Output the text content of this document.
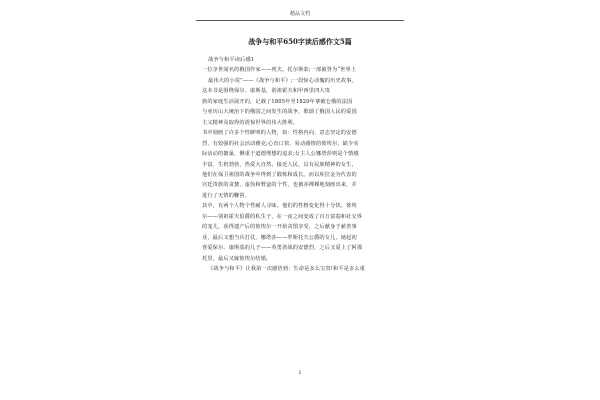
精品文档
战争与和平650字读后感作文5篇
战争与和平读后感1
一位享世闻名的俄国作家——列夫。托尔斯泰;一部被誉为“世界上
最伟大的小说”——《战争与和平》;一段惊心动魄的历史故事。
这本书是围绕保尔、康斯基，别祖霍夫和甲西里四大贵
族的家庭生活展开的，记载了1805年至1820年拿破仑俄的法国
与亚历山大统治下的俄国之间发生的战争，歌颂了俄国人民的爱国
主义精神及取得的震惊世界的伟大胜利。
书中刻画了许多个性鲜明的人物，如：性格内向、意志坚定的安德
烈，有较强的社会活动雅克;心直口快、易动感情的彼埃尔，缺少实
际活动的搪巢，侧重于道德理想的追求;女主人公娜塔莎则是个情感
丰富，生机勃勃，热爱大自然，接近人民，具有民族精神的女生，
他们在保卫祖国的战争中得到了锻炼和成长。而以库拉金为代表的
宫廷贵族的贪婪、虚伪和野蛮的个性，也被赤裸裸地刻画出来，并
进行了无情的鞭笞。
其中，有两个人物个性耐人寻味。他们的性格变化得十分快。彼埃
尔——别祖霍夫伯爵的私生子，在一夜之间变成了百万富翁和社交界
的宠儿。获得遗产后的彼埃尔一开始贪图享受，之后献身于慈善事
业，最后又想当兵打仗。娜塔莎——罗斯托夫公爵的女儿，她起初
喜爱保尔。康斯基的儿子——英勇善战的安德烈，之后又爱上了阿那
托里，最后又嫁彼埃尔结婚。
《战争与和平》让我第一次感悟到：生命是多么宝贵!和平是多么重
1
